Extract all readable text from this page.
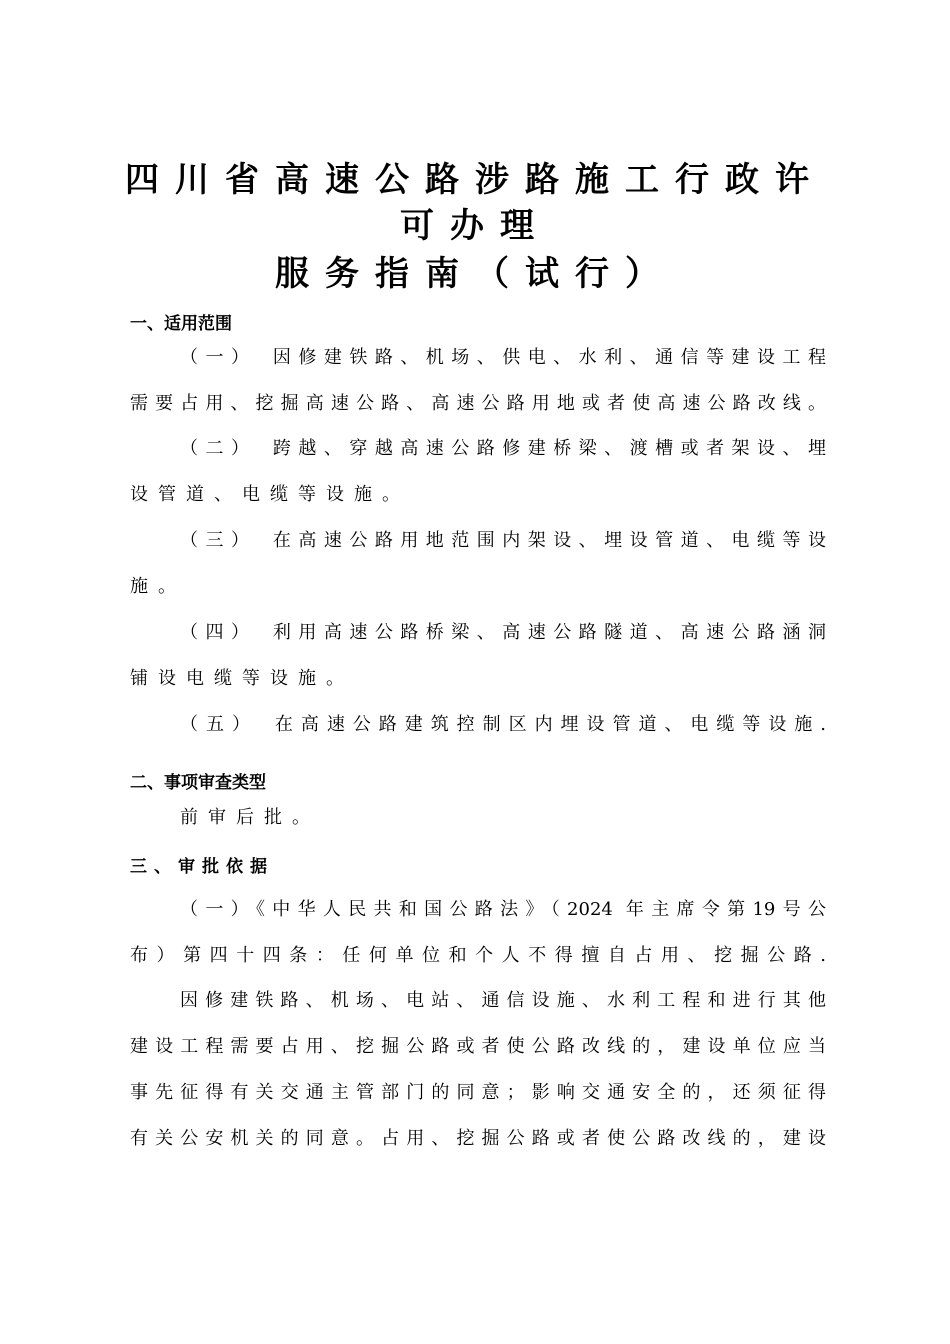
四川省高速公路涉路施工行政许
可办理
服务指南（试行）
一、适用范围
（一）　因修建铁路、机场、供电、水利、通信等建设工程
需要占用、挖掘高速公路、高速公路用地或者使高速公路改线。
（二）　跨越、穿越高速公路修建桥梁、渡槽或者架设、埋
设管道、电缆等设施。
（三）　在高速公路用地范围内架设、埋设管道、电缆等设
施。
（四）　利用高速公路桥梁、高速公路隧道、高速公路涵洞
铺设电缆等设施。
（五）　在高速公路建筑控制区内埋设管道、电缆等设施.
二、事项审查类型
前审后批。
三、审批依据
（一）《中华人民共和国公路法》（2024 年主席令第19号公
布）第四十四条：任何单位和个人不得擅自占用、挖掘公路.
因修建铁路、机场、电站、通信设施、水利工程和进行其他
建设工程需要占用、挖掘公路或者使公路改线的，建设单位应当
事先征得有关交通主管部门的同意；影响交通安全的，还须征得
有关公安机关的同意。占用、挖掘公路或者使公路改线的，建设
